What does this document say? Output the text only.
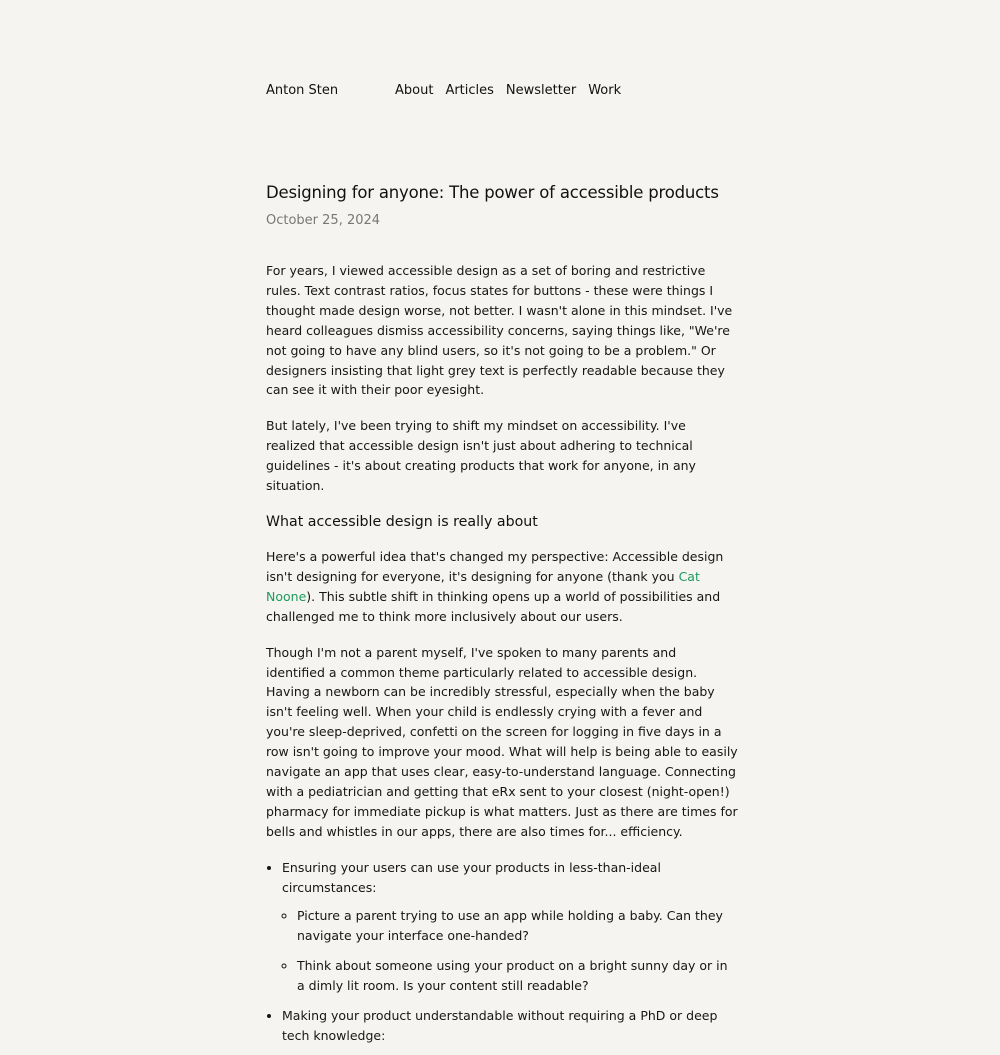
Anton Sten	About Articles Newsletter Work
Designing for anyone: The power of accessible products
October 25, 2024

For years, I viewed accessible design as a set of boring and restrictive rules. Text contrast ratios, focus states for buttons - these were things I thought made design worse, not better. I wasn't alone in this mindset. I've heard colleagues dismiss accessibility concerns, saying things like, "We're not going to have any blind users, so it's not going to be a problem." Or designers insisting that light grey text is perfectly readable because they can see it with their poor eyesight.

But lately, I've been trying to shift my mindset on accessibility. I've realized that accessible design isn't just about adhering to technical guidelines - it's about creating products that work for anyone, in any situation.

What accessible design is really about

Here's a powerful idea that's changed my perspective: Accessible design isn't designing for everyone, it's designing for anyone (thank you Cat Noone). This subtle shift in thinking opens up a world of possibilities and challenged me to think more inclusively about our users.

Though I'm not a parent myself, I've spoken to many parents and identified a common theme particularly related to accessible design. Having a newborn can be incredibly stressful, especially when the baby isn't feeling well. When your child is endlessly crying with a fever and you're sleep-deprived, confetti on the screen for logging in five days in a row isn't going to improve your mood. What will help is being able to easily navigate an app that uses clear, easy-to-understand language. Connecting with a pediatrician and getting that eRx sent to your closest (night-open!) pharmacy for immediate pickup is what matters. Just as there are times for bells and whistles in our apps, there are also times for... efficiency.

• Ensuring your users can use your products in less-than-ideal circumstances:
◦ Picture a parent trying to use an app while holding a baby. Can they navigate your interface one-handed?
◦ Think about someone using your product on a bright sunny day or in a dimly lit room. Is your content still readable?
• Making your product understandable without requiring a PhD or deep tech knowledge:
